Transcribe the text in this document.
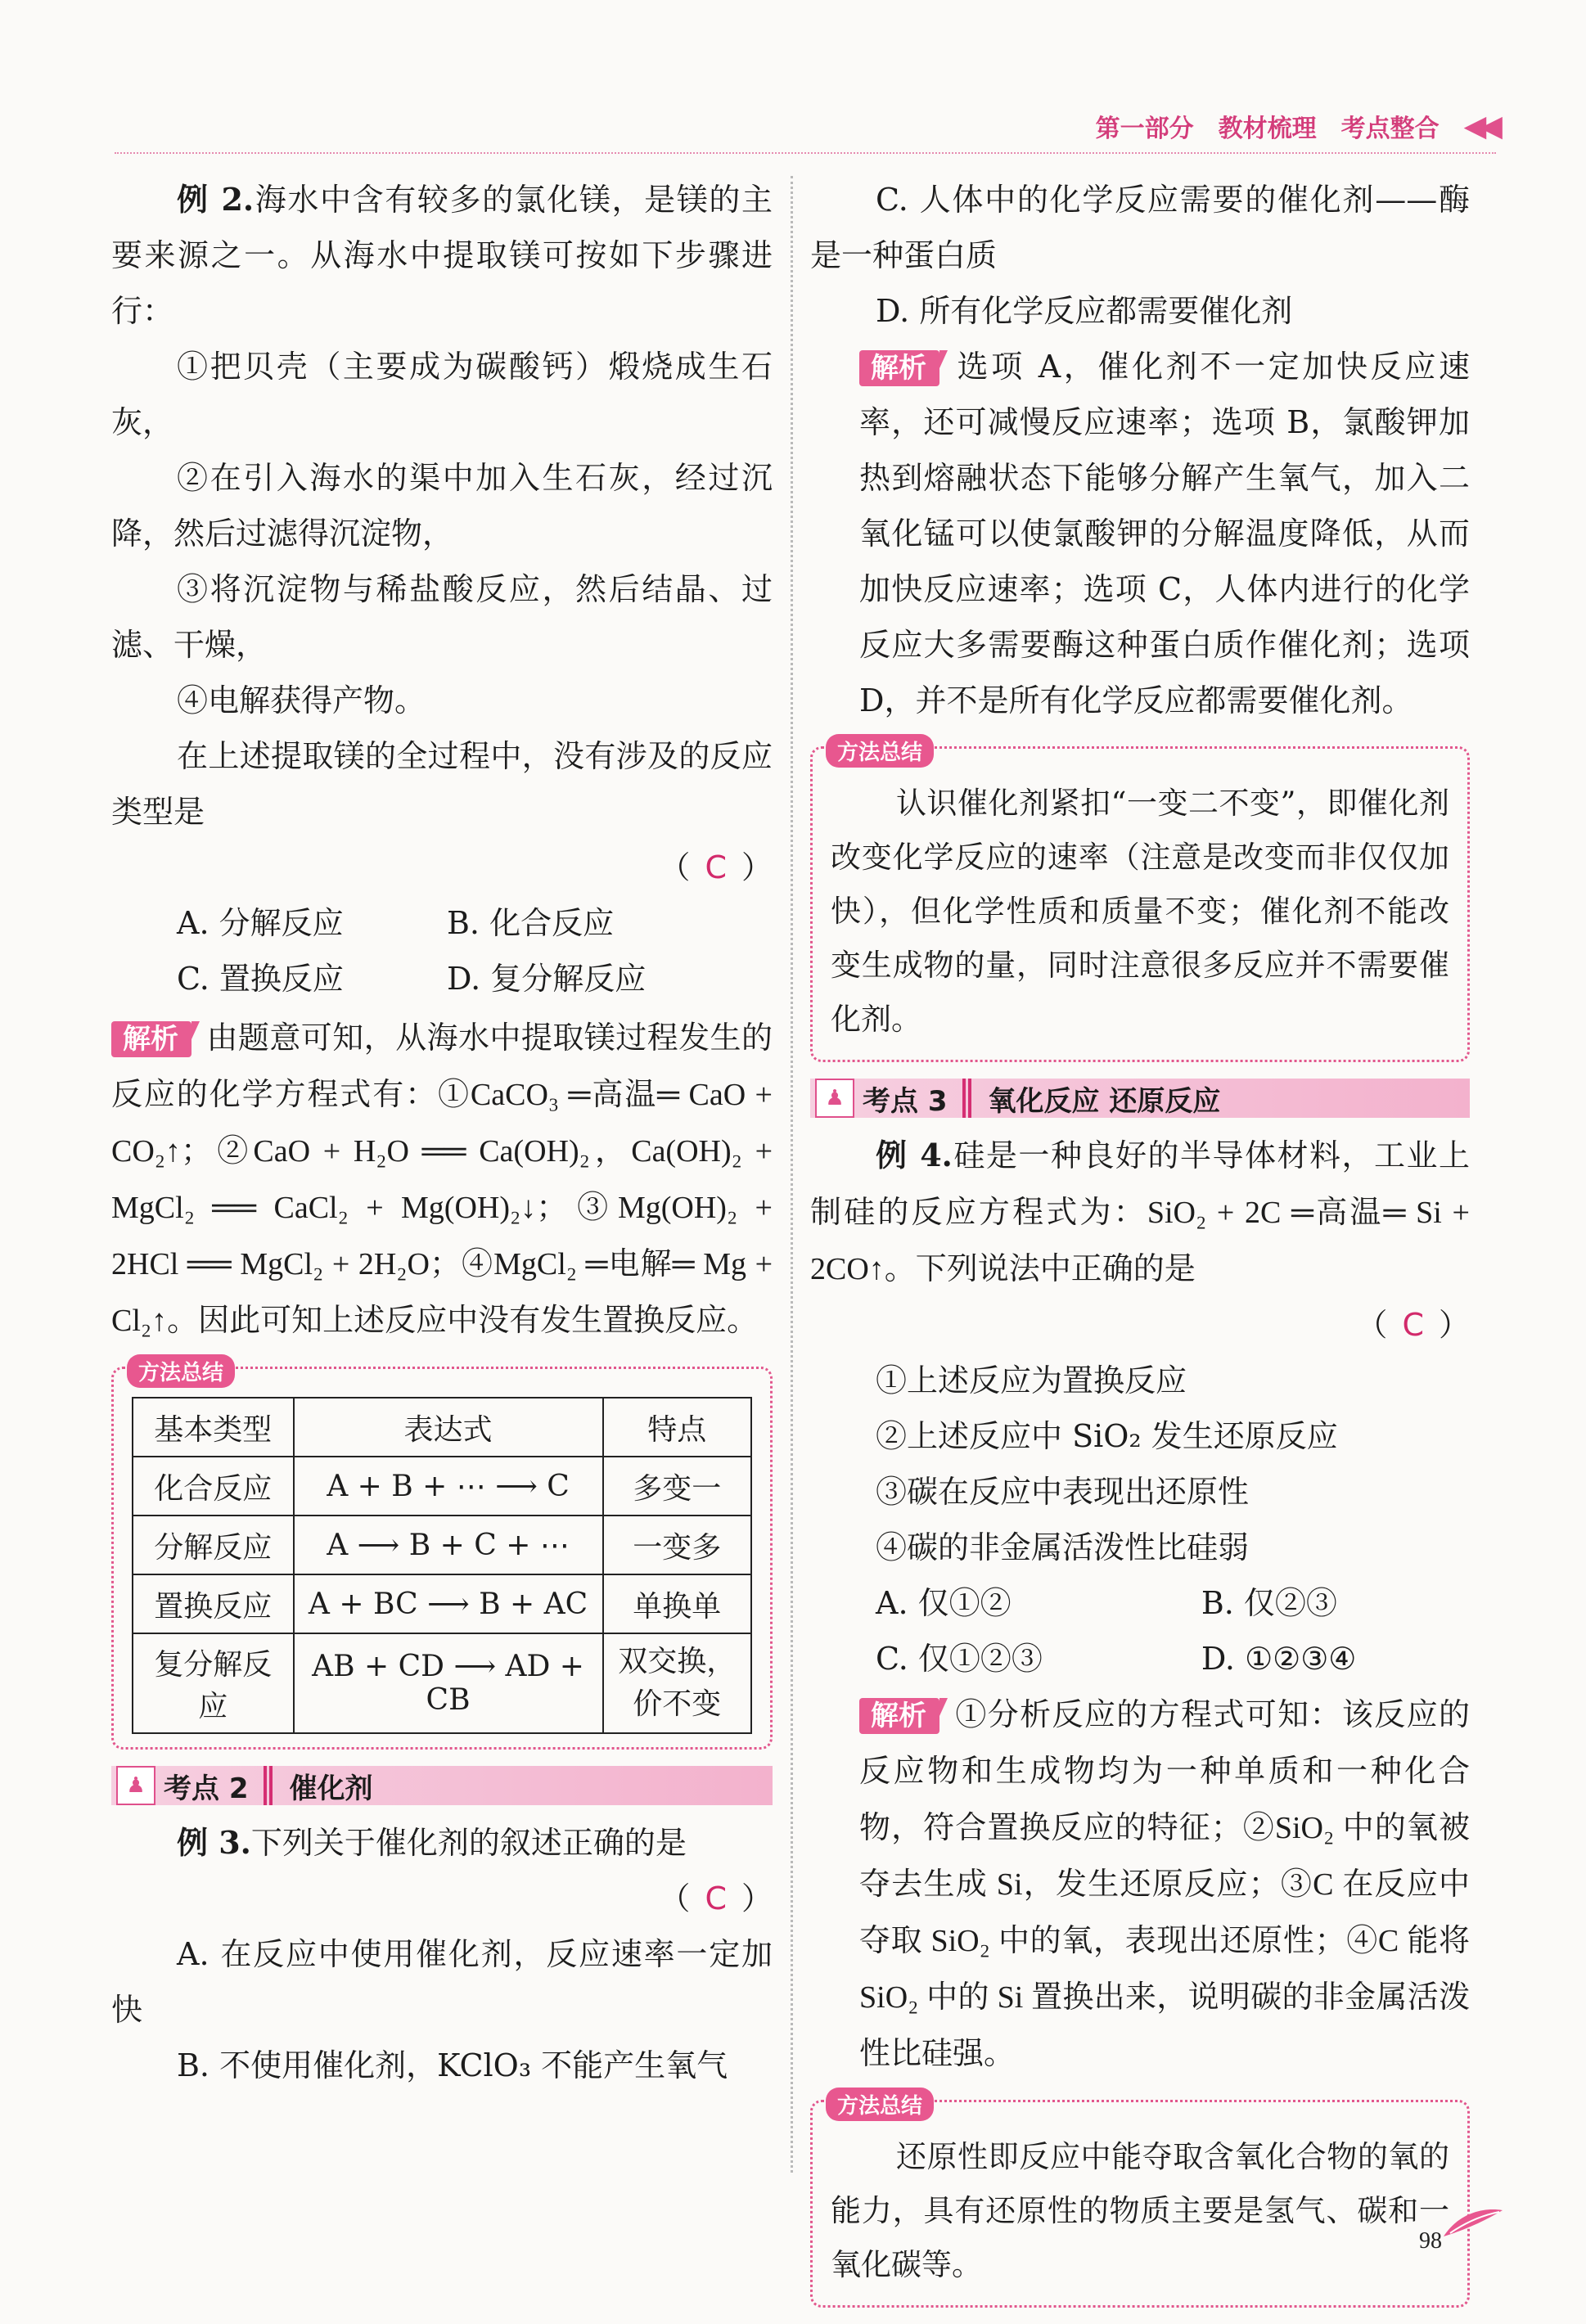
第一部分 教材梳理 考点整合 ◀◀

例 2.海水中含有较多的氯化镁，是镁的主要来源之一。从海水中提取镁可按如下步骤进行：

①把贝壳（主要成为碳酸钙）煅烧成生石灰，

②在引入海水的渠中加入生石灰，经过沉降，然后过滤得沉淀物，

③将沉淀物与稀盐酸反应，然后结晶、过滤、干燥，

④电解获得产物。

在上述提取镁的全过程中，没有涉及的反应类型是

（ C ）
A. 分解反应	B. 化合反应
C. 置换反应	D. 复分解反应

解析 由题意可知，从海水中提取镁过程发生的反应的化学方程式有：①CaCO₃ ═高温═ CaO + CO₂↑；②CaO + H₂O ══ Ca(OH)₂，Ca(OH)₂ + MgCl₂ ══ CaCl₂ + Mg(OH)₂↓；③Mg(OH)₂ + 2HCl ══ MgCl₂ + 2H₂O；④MgCl₂ ═电解═ Mg + Cl₂↑。因此可知上述反应中没有发生置换反应。

方法总结
基本类型	表达式	特点
化合反应	A + B + ⋯ ⟶ C	多变一
分解反应	A ⟶ B + C + ⋯	一变多
置换反应	A + BC ⟶ B + AC	单换单
复分解反应	AB + CD ⟶ AD + CB	双交换，价不变
♟ 考点 2	催化剂

例 3.下列关于催化剂的叙述正确的是

（ C ）

A. 在反应中使用催化剂，反应速率一定加快

B. 不使用催化剂，KClO₃ 不能产生氧气

C. 人体中的化学反应需要的催化剂——酶是一种蛋白质

D. 所有化学反应都需要催化剂

解析 选项 A，催化剂不一定加快反应速率，还可减慢反应速率；选项 B，氯酸钾加热到熔融状态下能够分解产生氧气，加入二氧化锰可以使氯酸钾的分解温度降低，从而加快反应速率；选项 C，人体内进行的化学反应大多需要酶这种蛋白质作催化剂；选项 D，并不是所有化学反应都需要催化剂。

方法总结

认识催化剂紧扣“一变二不变”，即催化剂改变化学反应的速率（注意是改变而非仅仅加快），但化学性质和质量不变；催化剂不能改变生成物的量，同时注意很多反应并不需要催化剂。

♟ 考点 3	氧化反应 还原反应

例 4.硅是一种良好的半导体材料，工业上制硅的反应方程式为：SiO₂ + 2C ═高温═ Si + 2CO↑。下列说法中正确的是

（ C ）

①上述反应为置换反应

②上述反应中 SiO₂ 发生还原反应

③碳在反应中表现出还原性

④碳的非金属活泼性比硅弱

A. 仅①②	B. 仅②③
C. 仅①②③	D. ①②③④

解析 ①分析反应的方程式可知：该反应的反应物和生成物均为一种单质和一种化合物，符合置换反应的特征；②SiO₂ 中的氧被夺去生成 Si，发生还原反应；③C 在反应中夺取 SiO₂ 中的氧，表现出还原性；④C 能将 SiO₂ 中的 Si 置换出来，说明碳的非金属活泼性比硅强。

方法总结

还原性即反应中能夺取含氧化合物的氧的能力，具有还原性的物质主要是氢气、碳和一氧化碳等。

98
